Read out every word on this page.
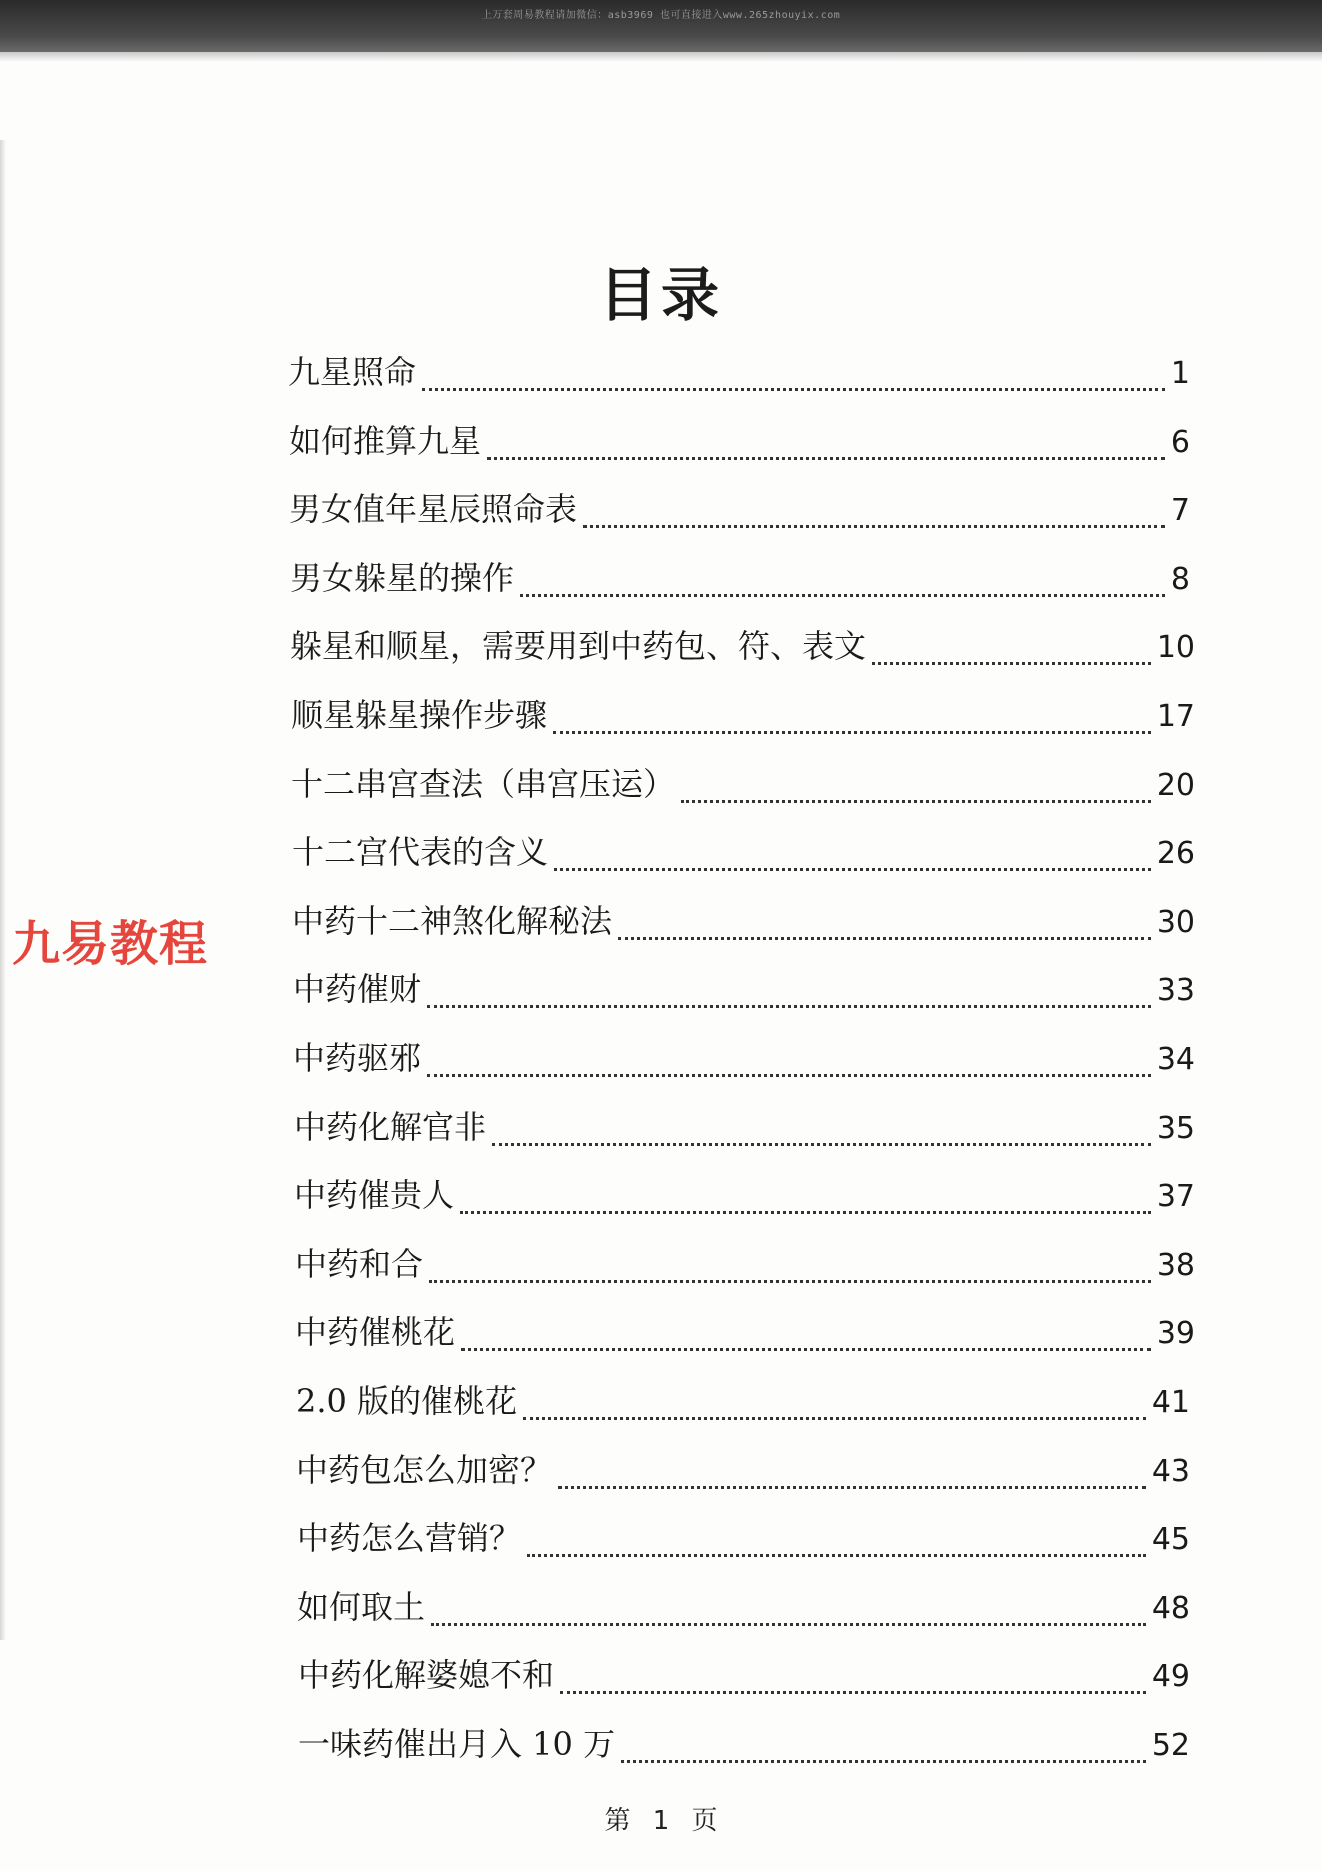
上万套周易教程请加微信：asb3969 也可直接进入www.265zhouyix.com
目录
九易教程
九星照命	1
如何推算九星	6
男女值年星辰照命表	7
男女躲星的操作	8
躲星和顺星，需要用到中药包、符、表文	10
顺星躲星操作步骤	17
十二串宫查法（串宫压运）	20
十二宫代表的含义	26
中药十二神煞化解秘法	30
中药催财	33
中药驱邪	34
中药化解官非	35
中药催贵人	37
中药和合	38
中药催桃花	39
2.0 版的催桃花	41
中药包怎么加密？	43
中药怎么营销？	45
如何取土	48
中药化解婆媳不和	49
一味药催出月入 10 万	52
第 1 页
